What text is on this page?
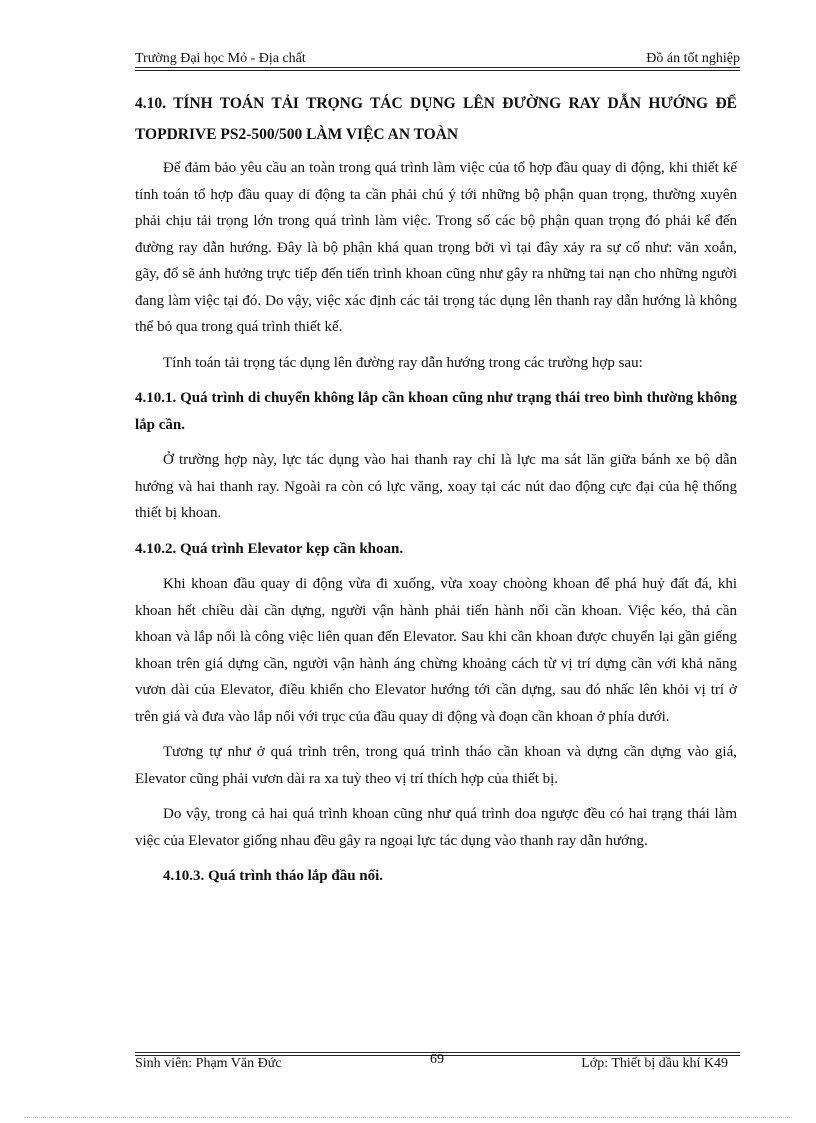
Trường Đại học Mỏ - Địa chất	Đồ án tốt nghiệp

4.10. TÍNH TOÁN TẢI TRỌNG TÁC DỤNG LÊN ĐƯỜNG RAY DẪN HƯỚNG ĐỂ TOPDRIVE PS2-500/500 LÀM VIỆC AN TOÀN

Để đảm bảo yêu cầu an toàn trong quá trình làm việc của tổ hợp đầu quay di động, khi thiết kế tính toán tổ hợp đầu quay di động ta cần phải chú ý tới những bộ phận quan trọng, thường xuyên phải chịu tải trọng lớn trong quá trình làm việc. Trong số các bộ phận quan trọng đó phải kể đến đường ray dẫn hướng. Đây là bộ phận khá quan trọng bởi vì tại đây xảy ra sự cố như: văn xoắn, gãy, đổ sẽ ảnh hưởng trực tiếp đến tiến trình khoan cũng như gây ra những tai nạn cho những người đang làm việc tại đó. Do vậy, việc xác định các tải trọng tác dụng lên thanh ray dẫn hướng là không thể bỏ qua trong quá trình thiết kế.

Tính toán tải trọng tác dụng lên đường ray dẫn hướng trong các trường hợp sau:

4.10.1. Quá trình di chuyển không lắp cần khoan cũng như trạng thái treo bình thường không lắp cần.

Ở trường hợp này, lực tác dụng vào hai thanh ray chỉ là lực ma sát lăn giữa bánh xe bộ dẫn hướng và hai thanh ray. Ngoài ra còn có lực văng, xoay tại các nút dao động cực đại của hệ thống thiết bị khoan.

4.10.2. Quá trình Elevator kẹp cần khoan.

Khi khoan đầu quay di động vừa đi xuống, vừa xoay choòng khoan để phá huỷ đất đá, khi khoan hết chiều dài cần dựng, người vận hành phải tiến hành nối cần khoan. Việc kéo, thả cần khoan và lắp nối là công việc liên quan đến Elevator. Sau khi cần khoan được chuyển lại gần giếng khoan trên giá dựng cần, người vận hành áng chừng khoảng cách từ vị trí dựng cần với khả năng vươn dài của Elevator, điều khiển cho Elevator hướng tới cần dựng, sau đó nhấc lên khỏi vị trí ở trên giá và đưa vào lắp nối với trục của đầu quay di động và đoạn cần khoan ở phía dưới.

Tương tự như ở quá trình trên, trong quá trình tháo cần khoan và dựng cần dựng vào giá, Elevator cũng phải vươn dài ra xa tuỳ theo vị trí thích hợp của thiết bị.

Do vậy, trong cả hai quá trình khoan cũng như quá trình doa ngược đều có hai trạng thái làm việc của Elevator giống nhau đều gây ra ngoại lực tác dụng vào thanh ray dẫn hướng.

4.10.3. Quá trình tháo lắp đầu nối.

Sinh viên: Phạm Văn Đức	69	Lớp: Thiết bị dầu khí K49
